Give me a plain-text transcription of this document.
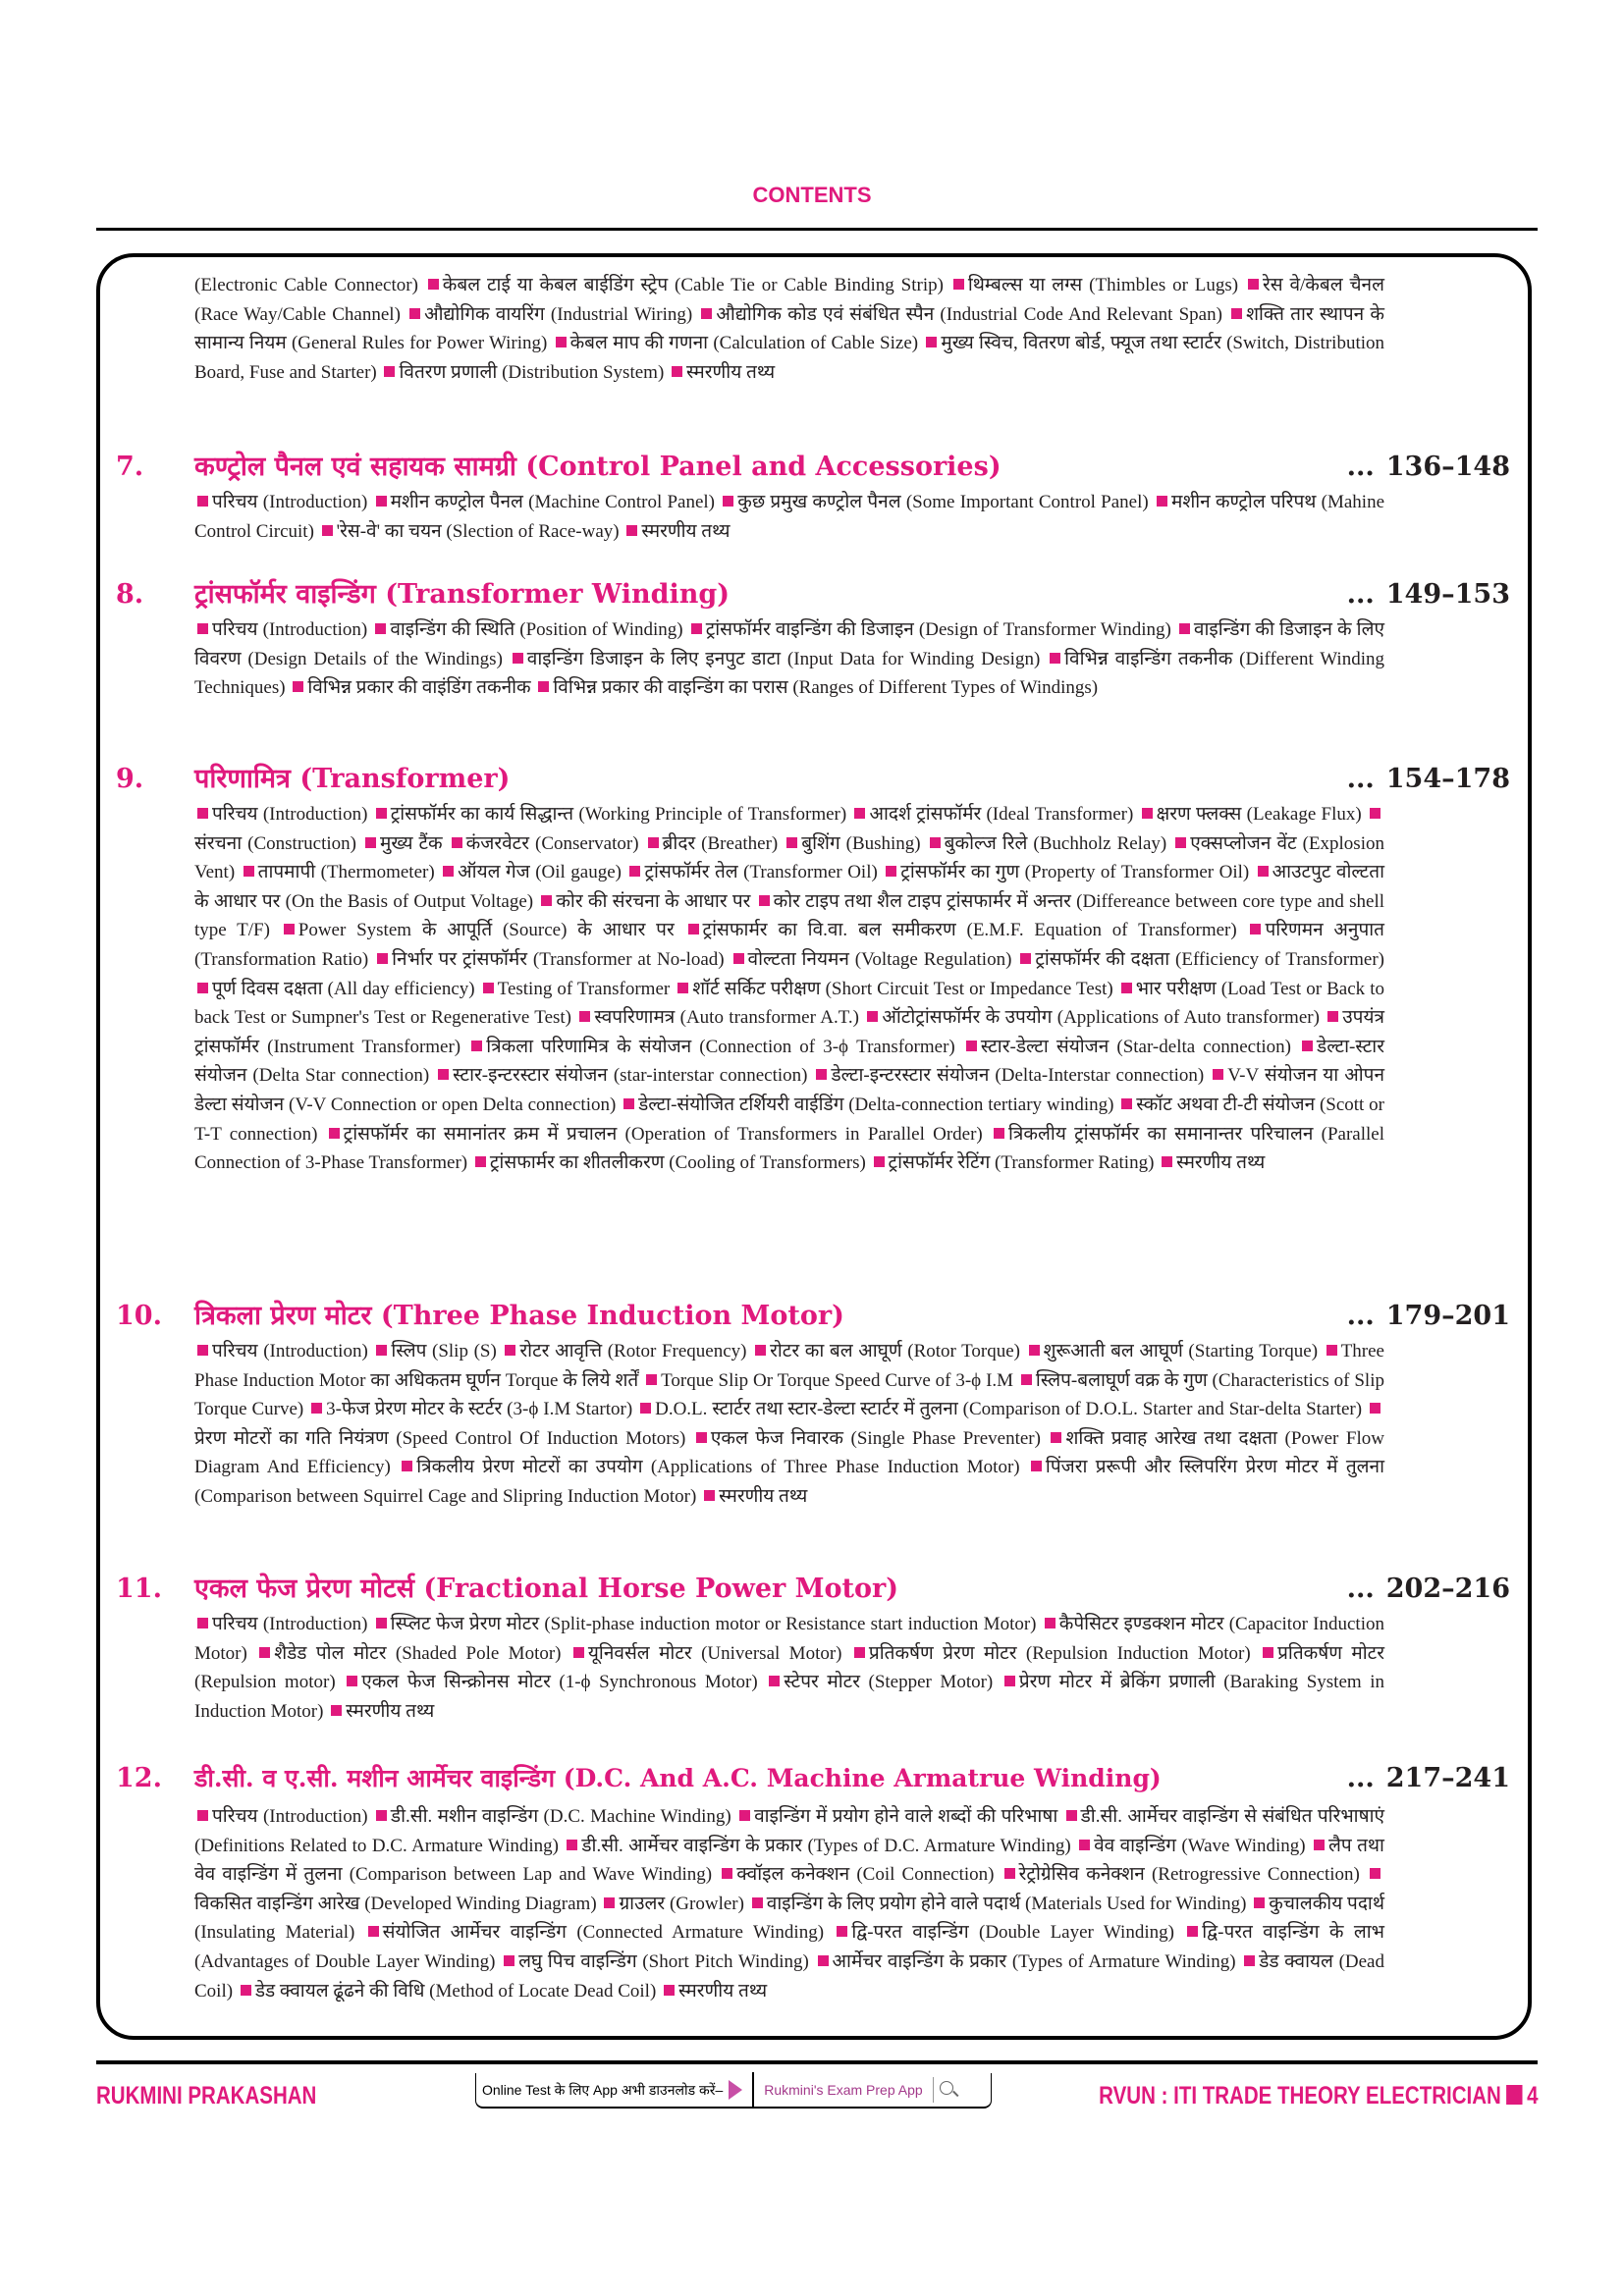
CONTENTS
(Electronic Cable Connector) केबल टाई या केबल बाईडिंग स्ट्रेप (Cable Tie or Cable Binding Strip) थिम्बल्स या लग्स (Thimbles or Lugs) रेस वे/केबल चैनल (Race Way/Cable Channel) औद्योगिक वायरिंग (Industrial Wiring) औद्योगिक कोड एवं संबंधित स्पैन (Industrial Code And Relevant Span) शक्ति तार स्थापन के सामान्य नियम (General Rules for Power Wiring) केबल माप की गणना (Calculation of Cable Size) मुख्य स्विच, वितरण बोर्ड, फ्यूज तथा स्टार्टर (Switch, Distribution Board, Fuse and Starter) वितरण प्रणाली (Distribution System) स्मरणीय तथ्य
7.	कण्ट्रोल पैनल एवं सहायक सामग्री (Control Panel and Accessories)	... 136–148
परिचय (Introduction) मशीन कण्ट्रोल पैनल (Machine Control Panel) कुछ प्रमुख कण्ट्रोल पैनल (Some Important Control Panel) मशीन कण्ट्रोल परिपथ (Mahine Control Circuit) 'रेस-वे' का चयन (Slection of Race-way) स्मरणीय तथ्य
8.	ट्रांसफॉर्मर वाइन्डिंग (Transformer Winding)	... 149–153
परिचय (Introduction) वाइन्डिंग की स्थिति (Position of Winding) ट्रांसफॉर्मर वाइन्डिंग की डिजाइन (Design of Transformer Winding) वाइन्डिंग की डिजाइन के लिए विवरण (Design Details of the Windings) वाइन्डिंग डिजाइन के लिए इनपुट डाटा (Input Data for Winding Design) विभिन्न वाइन्डिंग तकनीक (Different Winding Techniques) विभिन्न प्रकार की वाइंडिंग तकनीक विभिन्न प्रकार की वाइन्डिंग का परास (Ranges of Different Types of Windings)
9.	परिणामित्र (Transformer)	... 154–178
परिचय (Introduction) ट्रांसफॉर्मर का कार्य सिद्धान्त (Working Principle of Transformer) आदर्श ट्रांसफॉर्मर (Ideal Transformer) क्षरण फ्लक्स (Leakage Flux) संरचना (Construction) मुख्य टैंक कंजरवेटर (Conservator) ब्रीदर (Breather) बुशिंग (Bushing) बुकोल्ज रिले (Buchholz Relay) एक्सप्लोजन वेंट (Explosion Vent) तापमापी (Thermometer) ऑयल गेज (Oil gauge) ट्रांसफॉर्मर तेल (Transformer Oil) ट्रांसफॉर्मर का गुण (Property of Transformer Oil) आउटपुट वोल्टता के आधार पर (On the Basis of Output Voltage) कोर की संरचना के आधार पर कोर टाइप तथा शैल टाइप ट्रांसफार्मर में अन्तर (Differeance between core type and shell type T/F) Power System के आपूर्ति (Source) के आधार पर ट्रांसफार्मर का वि.वा. बल समीकरण (E.M.F. Equation of Transformer) परिणमन अनुपात (Transformation Ratio) निर्भार पर ट्रांसफॉर्मर (Transformer at No-load) वोल्टता नियमन (Voltage Regulation) ट्रांसफॉर्मर की दक्षता (Efficiency of Transformer) पूर्ण दिवस दक्षता (All day efficiency) Testing of Transformer शॉर्ट सर्किट परीक्षण (Short Circuit Test or Impedance Test) भार परीक्षण (Load Test or Back to back Test or Sumpner's Test or Regenerative Test) स्वपरिणामत्र (Auto transformer A.T.) ऑटोट्रांसफॉर्मर के उपयोग (Applications of Auto transformer) उपयंत्र ट्रांसफॉर्मर (Instrument Transformer) त्रिकला परिणामित्र के संयोजन (Connection of 3-ϕ Transformer) स्टार-डेल्टा संयोजन (Star-delta connection) डेल्टा-स्टार संयोजन (Delta Star connection) स्टार-इन्टरस्टार संयोजन (star-interstar connection) डेल्टा-इन्टरस्टार संयोजन (Delta-Interstar connection) V-V संयोजन या ओपन डेल्टा संयोजन (V-V Connection or open Delta connection) डेल्टा-संयोजित टर्शियरी वाईडिंग (Delta-connection tertiary winding) स्कॉट अथवा टी-टी संयोजन (Scott or T-T connection) ट्रांसफॉर्मर का समानांतर क्रम में प्रचालन (Operation of Transformers in Parallel Order) त्रिकलीय ट्रांसफॉर्मर का समानान्तर परिचालन (Parallel Connection of 3-Phase Transformer) ट्रांसफार्मर का शीतलीकरण (Cooling of Transformers) ट्रांसफॉर्मर रेटिंग (Transformer Rating) स्मरणीय तथ्य
10.	त्रिकला प्रेरण मोटर (Three Phase Induction Motor)	... 179–201
परिचय (Introduction) स्लिप (Slip (S) रोटर आवृत्ति (Rotor Frequency) रोटर का बल आघूर्ण (Rotor Torque) शुरूआती बल आघूर्ण (Starting Torque) Three Phase Induction Motor का अधिकतम घूर्णन Torque के लिये शर्तें Torque Slip Or Torque Speed Curve of 3-ϕ I.M स्लिप-बलाघूर्ण वक्र के गुण (Characteristics of Slip Torque Curve) 3-फेज प्रेरण मोटर के स्टर्टर (3-ϕ I.M Startor) D.O.L. स्टार्टर तथा स्टार-डेल्टा स्टार्टर में तुलना (Comparison of D.O.L. Starter and Star-delta Starter) प्रेरण मोटरों का गति नियंत्रण (Speed Control Of Induction Motors) एकल फेज निवारक (Single Phase Preventer) शक्ति प्रवाह आरेख तथा दक्षता (Power Flow Diagram And Efficiency) त्रिकलीय प्रेरण मोटरों का उपयोग (Applications of Three Phase Induction Motor) पिंजरा प्ररूपी और स्लिपरिंग प्रेरण मोटर में तुलना (Comparison between Squirrel Cage and Slipring Induction Motor) स्मरणीय तथ्य
11.	एकल फेज प्रेरण मोटर्स (Fractional Horse Power Motor)	... 202–216
परिचय (Introduction) स्प्लिट फेज प्रेरण मोटर (Split-phase induction motor or Resistance start induction Motor) कैपेसिटर इण्डक्शन मोटर (Capacitor Induction Motor) शैडेड पोल मोटर (Shaded Pole Motor) यूनिवर्सल मोटर (Universal Motor) प्रतिकर्षण प्रेरण मोटर (Repulsion Induction Motor) प्रतिकर्षण मोटर (Repulsion motor) एकल फेज सिन्क्रोनस मोटर (1-ϕ Synchronous Motor) स्टेपर मोटर (Stepper Motor) प्रेरण मोटर में ब्रेकिंग प्रणाली (Baraking System in Induction Motor) स्मरणीय तथ्य
12.	डी.सी. व ए.सी. मशीन आर्मेचर वाइन्डिंग (D.C. And A.C. Machine Armatrue Winding)	... 217–241
परिचय (Introduction) डी.सी. मशीन वाइन्डिंग (D.C. Machine Winding) वाइन्डिंग में प्रयोग होने वाले शब्दों की परिभाषा डी.सी. आर्मेचर वाइन्डिंग से संबंधित परिभाषाएं (Definitions Related to D.C. Armature Winding) डी.सी. आर्मेचर वाइन्डिंग के प्रकार (Types of D.C. Armature Winding) वेव वाइन्डिंग (Wave Winding) लैप तथा वेव वाइन्डिंग में तुलना (Comparison between Lap and Wave Winding) क्वॉइल कनेक्शन (Coil Connection) रेट्रोग्रेसिव कनेक्शन (Retrogressive Connection) विकसित वाइन्डिंग आरेख (Developed Winding Diagram) ग्राउलर (Growler) वाइन्डिंग के लिए प्रयोग होने वाले पदार्थ (Materials Used for Winding) कुचालकीय पदार्थ (Insulating Material) संयोजित आर्मेचर वाइन्डिंग (Connected Armature Winding) द्वि-परत वाइन्डिंग (Double Layer Winding) द्वि-परत वाइन्डिंग के लाभ (Advantages of Double Layer Winding) लघु पिच वाइन्डिंग (Short Pitch Winding) आर्मेचर वाइन्डिंग के प्रकार (Types of Armature Winding) डेड क्वायल (Dead Coil) डेड क्वायल ढूंढने की विधि (Method of Locate Dead Coil) स्मरणीय तथ्य
RUKMINI PRAKASHAN	Online Test के लिए App अभी डाउनलोड करें–	Rukmini's Exam Prep App	RVUN : ITI TRADE THEORY ELECTRICIAN 4
